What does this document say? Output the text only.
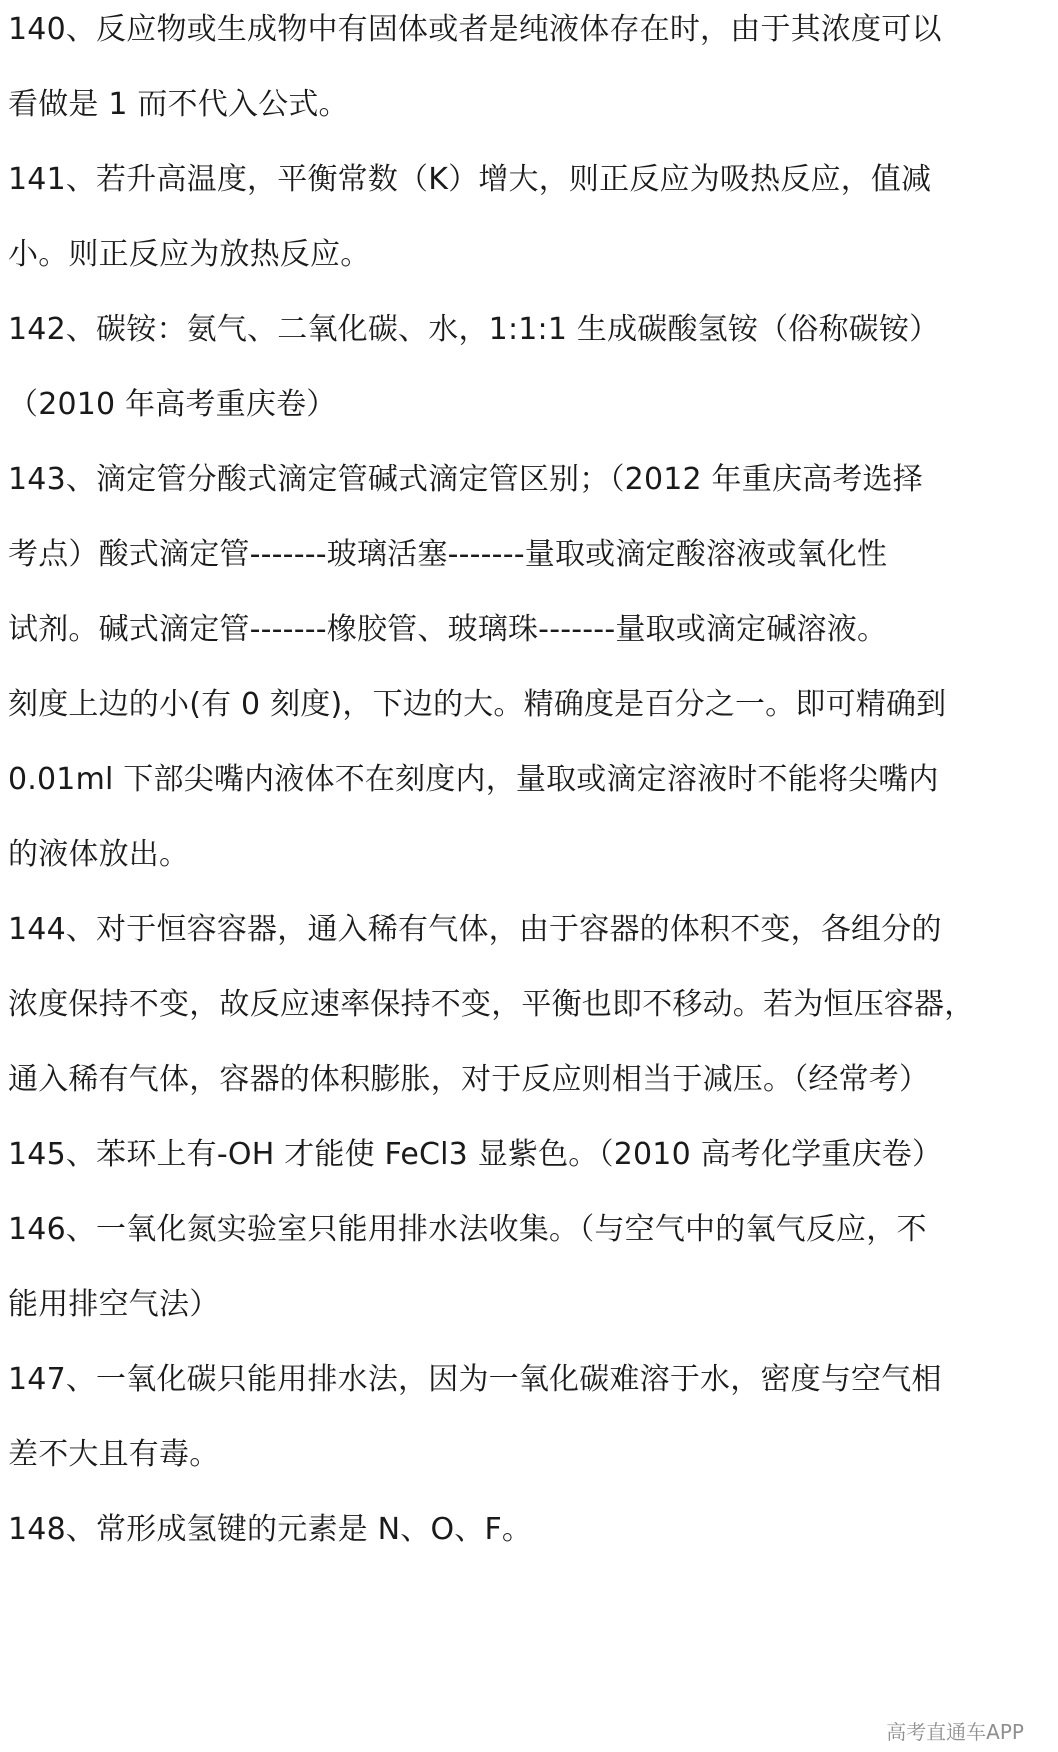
140、反应物或生成物中有固体或者是纯液体存在时，由于其浓度可以
看做是 1 而不代入公式。
141、若升高温度，平衡常数（K）增大，则正反应为吸热反应，值减
小。则正反应为放热反应。
142、碳铵：氨气、二氧化碳、水，1:1:1 生成碳酸氢铵（俗称碳铵）
（2010 年高考重庆卷）
143、滴定管分酸式滴定管碱式滴定管区别；（2012 年重庆高考选择
考点）酸式滴定管-------玻璃活塞-------量取或滴定酸溶液或氧化性
试剂。碱式滴定管-------橡胶管、玻璃珠-------量取或滴定碱溶液。
刻度上边的小(有 0 刻度)，下边的大。精确度是百分之一。即可精确到
0.01ml 下部尖嘴内液体不在刻度内，量取或滴定溶液时不能将尖嘴内
的液体放出。
144、对于恒容容器，通入稀有气体，由于容器的体积不变，各组分的
浓度保持不变，故反应速率保持不变，平衡也即不移动。若为恒压容器，
通入稀有气体，容器的体积膨胀，对于反应则相当于减压。（经常考）
145、苯环上有-OH 才能使 FeCl3 显紫色。（2010 高考化学重庆卷）
146、一氧化氮实验室只能用排水法收集。（与空气中的氧气反应，不
能用排空气法）
147、一氧化碳只能用排水法，因为一氧化碳难溶于水，密度与空气相
差不大且有毒。
148、常形成氢键的元素是 N、O、F。
高考直通车APP
